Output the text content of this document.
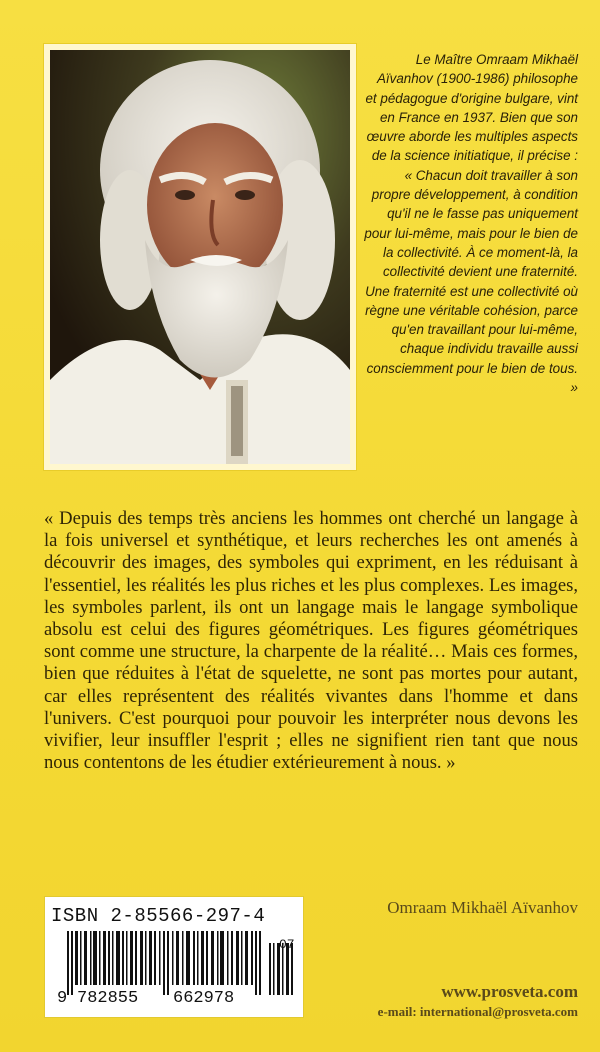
Le Maître Omraam Mikhaël Aïvanhov (1900-1986) philosophe et pédagogue d'origine bulgare, vint en France en 1937. Bien que son œuvre aborde les multiples aspects de la science initiatique, il précise : « Chacun doit travailler à son propre développement, à condition qu'il ne le fasse pas uniquement pour lui-même, mais pour le bien de la collectivité. À ce moment-là, la collectivité devient une fraternité. Une fraternité est une collectivité où règne une véritable cohésion, parce qu'en travaillant pour lui-même, chaque individu travaille aussi consciemment pour le bien de tous. »
« Depuis des temps très anciens les hommes ont cherché un langage à la fois universel et synthétique, et leurs recherches les ont amenés à découvrir des images, des symboles qui expriment, en les réduisant à l'essentiel, les réalités les plus riches et les plus complexes. Les images, les symboles parlent, ils ont un langage mais le langage symbolique absolu est celui des figures géométriques. Les figures géométriques sont comme une structure, la charpente de la réalité… Mais ces formes, bien que réduites à l'état de squelette, ne sont pas mortes pour autant, car elles représentent des réalités vivantes dans l'homme et dans l'univers. C'est pourquoi pour pouvoir les interpréter nous devons les vivifier, leur insuffler l'esprit ; elles ne signifient rien tant que nous nous contentons de les étudier extérieurement à nous. »
Omraam Mikhaël Aïvanhov
ISBN 2-85566-297-4
07
9 782855 662978	www.prosveta.com
e-mail: international@prosveta.com
